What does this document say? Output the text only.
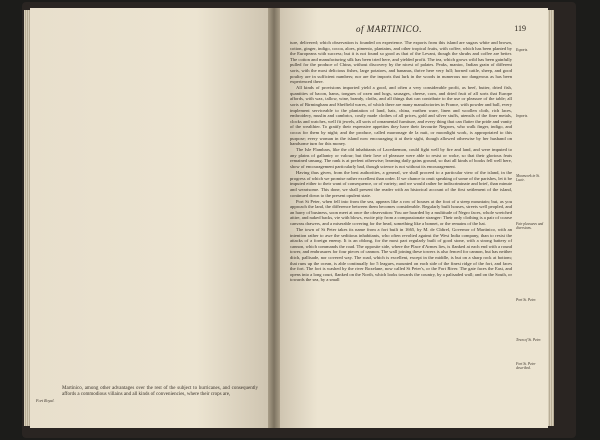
Fort Royal.
Martinico, among other advantages over the rest of the subject to hurricanes, and consequently affords a commodious villains and all kinds of conveniencies, where their crops are,
of MARTINICO.	119

ture, delivered; which observation is founded on experience. The exports from this island are sugars white and brown, cotton, ginger, indigo, cocoa, aloes, pimento, plantains, and other tropical fruits, with coffee, which has been planted by the Europeans with success; but it is not found so good as that of the Levant, though the shrubs and coffee are better. The cotton and manufacturing silk has been tried here, and yielded profit. The tea, which grows wild has been gainfully pulled for the produce of China, without discovery by the nicest of palates. Peaks, manioc, Indian grain of different sorts, with the most delicious fishes, large potatoes, and bananas, thrive here very full; horned cattle, sheep, and good poultry are in sufficient numbers; nor are the imports that lurk in the woods in numerous nor dangerous as has been experienced there.

All kinds of provisions imported yield a good, and often a very considerable profit, as beef, butter, dried fish, quantities of bacon, hams, tongues of oxen and hogs, sausages, cheese, corn, and dried fruit of all sorts that Europe affords, with wax, tallow, wine, brandy, cloths, and all things that can contribute to the use or pleasure of the table; all sorts of Birmingham and Sheffield wares, of which there are many manufactories in France, with powder and ball, every implement serviceable to the plantation of land, hats, china, earthen ware, linen and woollen cloth, rich laces, embroidery, muslin and cambrics, costly made clothes of all prices, gold and silver stuffs, utensils of the finer metals, clocks and watches, well fit jewels, all sorts of ornamental furniture, and every thing that can flatter the pride and vanity of the wealthier. To gratify their expensive appetites they have their favourite Negroes, who walk finger, indigo, and cocoa for them by night; and the produce, called marronage de la nuit, or moonlight work, is appropriated to this purpose; every woman in the island now encouraging it at their sight, though allowed otherwise by her husband on handsome turn for this money.

The Isle Flambars, like the old inhabitants of Lacedaemon, could fight well by fire and land, and were imputed to any plains of gallantry or valour; but their love of pleasure were able to resist or woke, so that their glorious feats remained unsung. The rank is at prefent otherwise; learning daily gains ground, so that all kinds of books fell well here, show of encouragement particularly bad, though science is not without its encouragement.

Having thus given, from the best authorities, a general, we shall proceed to a particular view of the island, in the progress of which we promise rather excellent than order. If we chance to omit speaking of some of the parishes, let it be imputed either to their want of consequence, or of variety; and we would rather be indiscriminate and brief, than minute and wearisome. This done, we shall present the reader with an historical account of the first settlement of the island, continued down to the present opulent state.

Port St Peter, when fell into from the sea, appears like a row of houses at the foot of a steep mountain; but, as you approach the land, the difference between them becomes considerable. Regularly built houses, streets well peopled, and an harry of business, soon meet at once the observation: You are hoarded by a multitude of Negro faces, whole wretched attire, and naked backs, vie with blows, excite pity from a compassionate stranger: Their only clothing is a pair of coarse canvass drawers, and a miserable covering for the head, something like a bonnet, or the remains of the hat.

The town of St Peter takes its name from a fort built in 1665, by M. de Cldtrel, Governor of Martinico, with an intention rather to awe the seditious inhabitants, who often revolted against the West India company, than to resist the attacks of a foreign enemy. It is an oblong, for the most part regularly built of good stone, with a strong battery of cannon, which commands the road. The opposite side, where the Place d'Armes lies, is flanked at each end with a round tower, and embrasures for four pieces of cannon. The wall joining these towers is also fenced for cannon, but has neither ditch, pallisade, nor covered way. The road, which is excellent, except in the middle, is but on a sharp rock at bottom; that runs up the ocean, is able continually for 5 leagues, mounted on each side of the finest ridge of the fort, and faces the fort. The fort is washed by the river Roxelane, now called St Peter's, or the Fort River. The gate faces the East, and opens into a long court, flanked on the North, which looks towards the country, by a palisaded wall; and on the South, or towards the sea, by a small

Exports.
Imports.
Moonwork in St. Lucie.
Fair pleasures and diversions.
Port St. Peter.
Town of St. Peter.
Fort St. Peter described.
